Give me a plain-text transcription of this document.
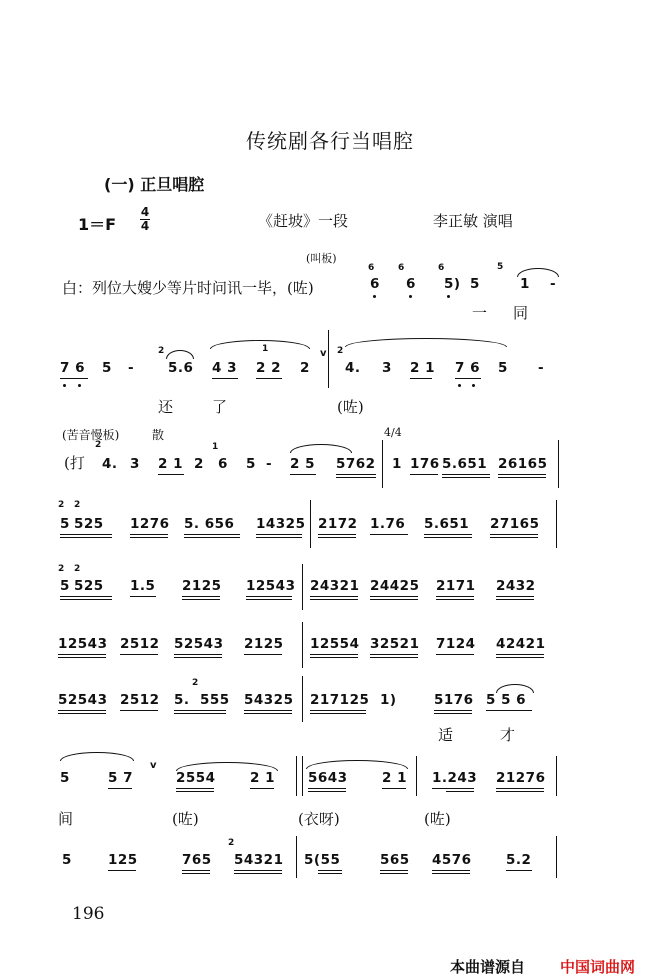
传统剧各行当唱腔
(一) 正旦唱腔
1＝F
4
4	《赶坡》一段	李正敏 演唱
(叫板)
白：列位大嫂少等片时问讯一毕，(咗)
6
6
6
6
6
5) 5
5
1 -
一 同
7 6 5 -
2
5.6 4 3
1
2 2 2
v 2
4. 3 2 1 7 6 5 -
还	了	(咗)
(苦音慢板)	散	4/4
(打
2
4. 3 2 1 2
1
6 5 - 2 5 5762 1 176 5.651 26165
2 2
5 525 1276 5. 656 14325 2172 1.76 5.651 27165
2 2
5 525 1.5 2125 12543 24321 24425 2171 2432
12543 2512 52543 2125 12554 32521 7124 42421
52543 2512 5.
2
555 54325 217125 1)	5176 5 5 6
适	才
5	5 7
v
2554	2 1 5643	2 1 1.243 21276
间	(咗)	(衣呀)	(咗)
5	125	765
2
54321 5(55	565 4576	5.2
196
本曲谱源自 中国词曲网
